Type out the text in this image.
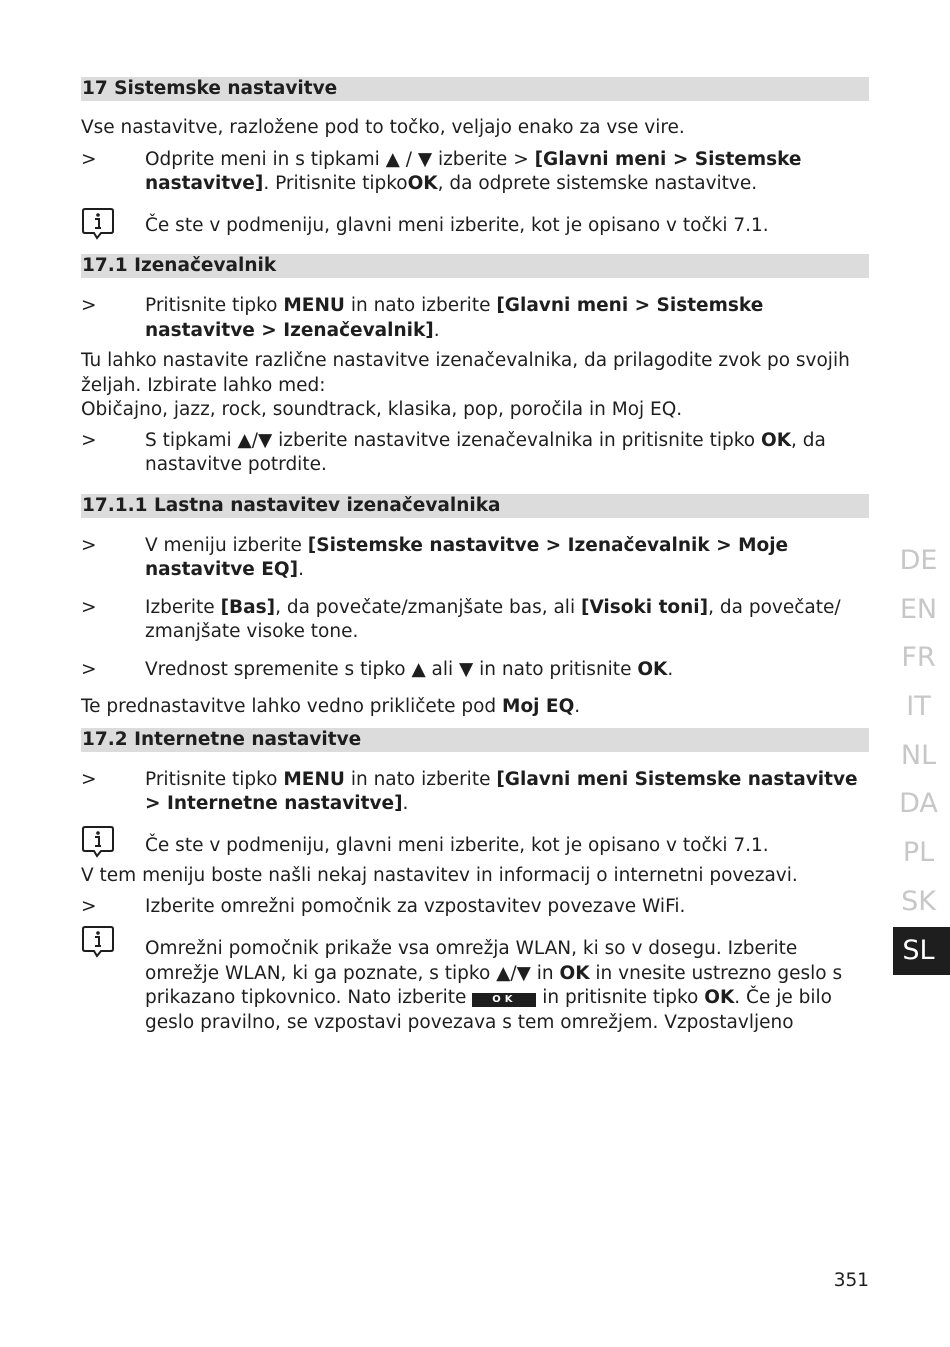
17 Sistemske nastavitve

Vse nastavitve, razložene pod to točko, veljajo enako za vse vire.

>	Odprite meni in s tipkami ▲ / ▼ izberite > [Glavni meni > Sistemske nastavitve]. Pritisnite tipkoOK, da odprete sistemske nastavitve.
Če ste v podmeniju, glavni meni izberite, kot je opisano v točki 7.1.
17.1 Izenačevalnik
>	Pritisnite tipko MENU in nato izberite [Glavni meni > Sistemske nastavitve > Izenačevalnik].

Tu lahko nastavite različne nastavitve izenačevalnika, da prilagodite zvok po svojih željah. Izbirate lahko med:

Običajno, jazz, rock, soundtrack, klasika, pop, poročila in Moj EQ.

>	S tipkami ▲/▼ izberite nastavitve izenačevalnika in pritisnite tipko OK, da nastavitve potrdite.
17.1.1 Lastna nastavitev izenačevalnika
>	V meniju izberite [Sistemske nastavitve > Izenačevalnik > Moje nastavitve EQ].
>	Izberite [Bas], da povečate/zmanjšate bas, ali [Visoki toni], da povečate/ zmanjšate visoke tone.
>	Vrednost spremenite s tipko ▲ ali ▼ in nato pritisnite OK.

Te prednastavitve lahko vedno prikličete pod Moj EQ.

17.2 Internetne nastavitve
>	Pritisnite tipko MENU in nato izberite [Glavni meni Sistemske nastavitve > Internetne nastavitve].
Če ste v podmeniju, glavni meni izberite, kot je opisano v točki 7.1.

V tem meniju boste našli nekaj nastavitev in informacij o internetni povezavi.

>	Izberite omrežni pomočnik za vzpostavitev povezave WiFi.
Omrežni pomočnik prikaže vsa omrežja WLAN, ki so v dosegu. Izberite omrežje WLAN, ki ga poznate, s tipko ▲/▼ in OK in vnesite ustrezno geslo s prikazano tipkovnico. Nato izberite OK in pritisnite tipko OK. Če je bilo geslo pravilno, se vzpostavi povezava s tem omrežjem. Vzpostavljeno
DE
EN
FR
IT
NL
DA
PL
SK
SL
351
